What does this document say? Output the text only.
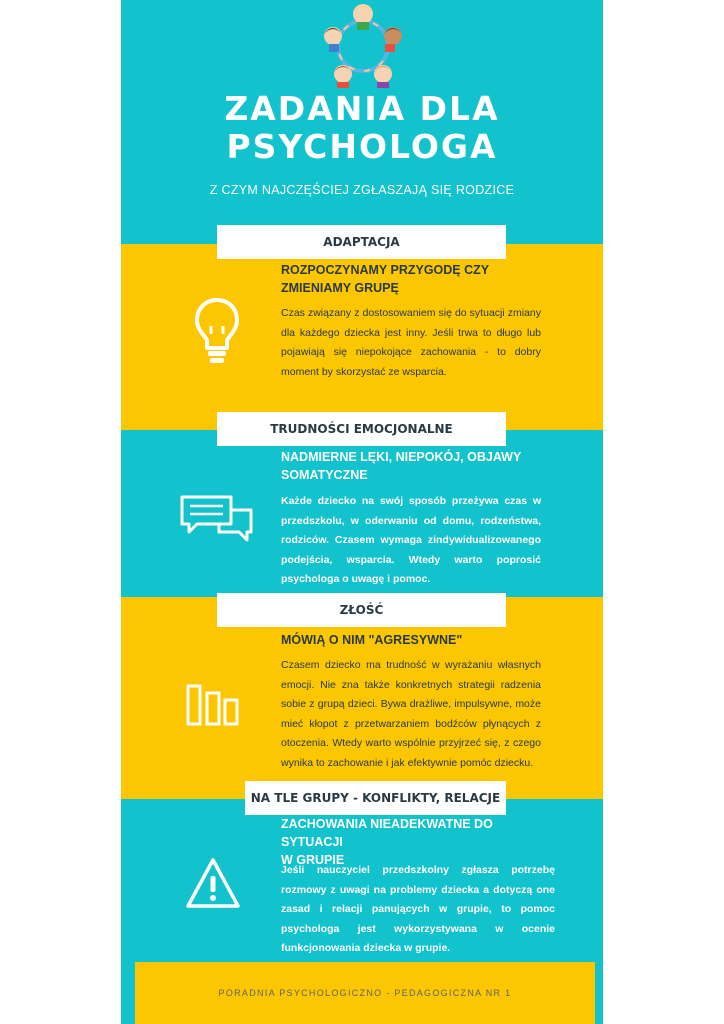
ZADANIA DLA
PSYCHOLOGA
Z CZYM NAJCZĘŚCIEJ ZGŁASZAJĄ SIĘ RODZICE
ADAPTACJA
ROZPOCZYNAMY PRZYGODĘ CZY
ZMIENIAMY GRUPĘ
Czas związany z dostosowaniem się do sytuacji zmiany dla każdego dziecka jest inny. Jeśli trwa to długo lub pojawiają się niepokojące zachowania - to dobry moment by skorzystać ze wsparcia.
TRUDNOŚCI EMOCJONALNE
NADMIERNE LĘKI, NIEPOKÓJ, OBJAWY
SOMATYCZNE
Każde dziecko na swój sposób przeżywa czas w przedszkolu, w oderwaniu od domu, rodzeństwa, rodziców. Czasem wymaga zindywidualizowanego podejścia, wsparcia. Wtedy warto poprosić psychologa o uwagę i pomoc.
ZŁOŚĆ
MÓWIĄ O NIM "AGRESYWNE"
Czasem dziecko ma trudność w wyrażaniu własnych emocji. Nie zna także konkretnych strategii radzenia sobie z grupą dzieci. Bywa drażliwe, impulsywne, może mieć kłopot z przetwarzaniem bodźców płynących z otoczenia. Wtedy warto wspólnie przyjrzeć się, z czego wynika to zachowanie i jak efektywnie pomóc dziecku.
NA TLE GRUPY - KONFLIKTY, RELACJE
ZACHOWANIA NIEADEKWATNE DO SYTUACJI
W GRUPIE
Jeśli nauczyciel przedszkolny zgłasza potrzebę rozmowy z uwagi na problemy dziecka a dotyczą one zasad i relacji panujących w grupie, to pomoc psychologa jest wykorzystywana w ocenie funkcjonowania dziecka w grupie.
PORADNIA PSYCHOLOGICZNO - PEDAGOGICZNA NR 1
